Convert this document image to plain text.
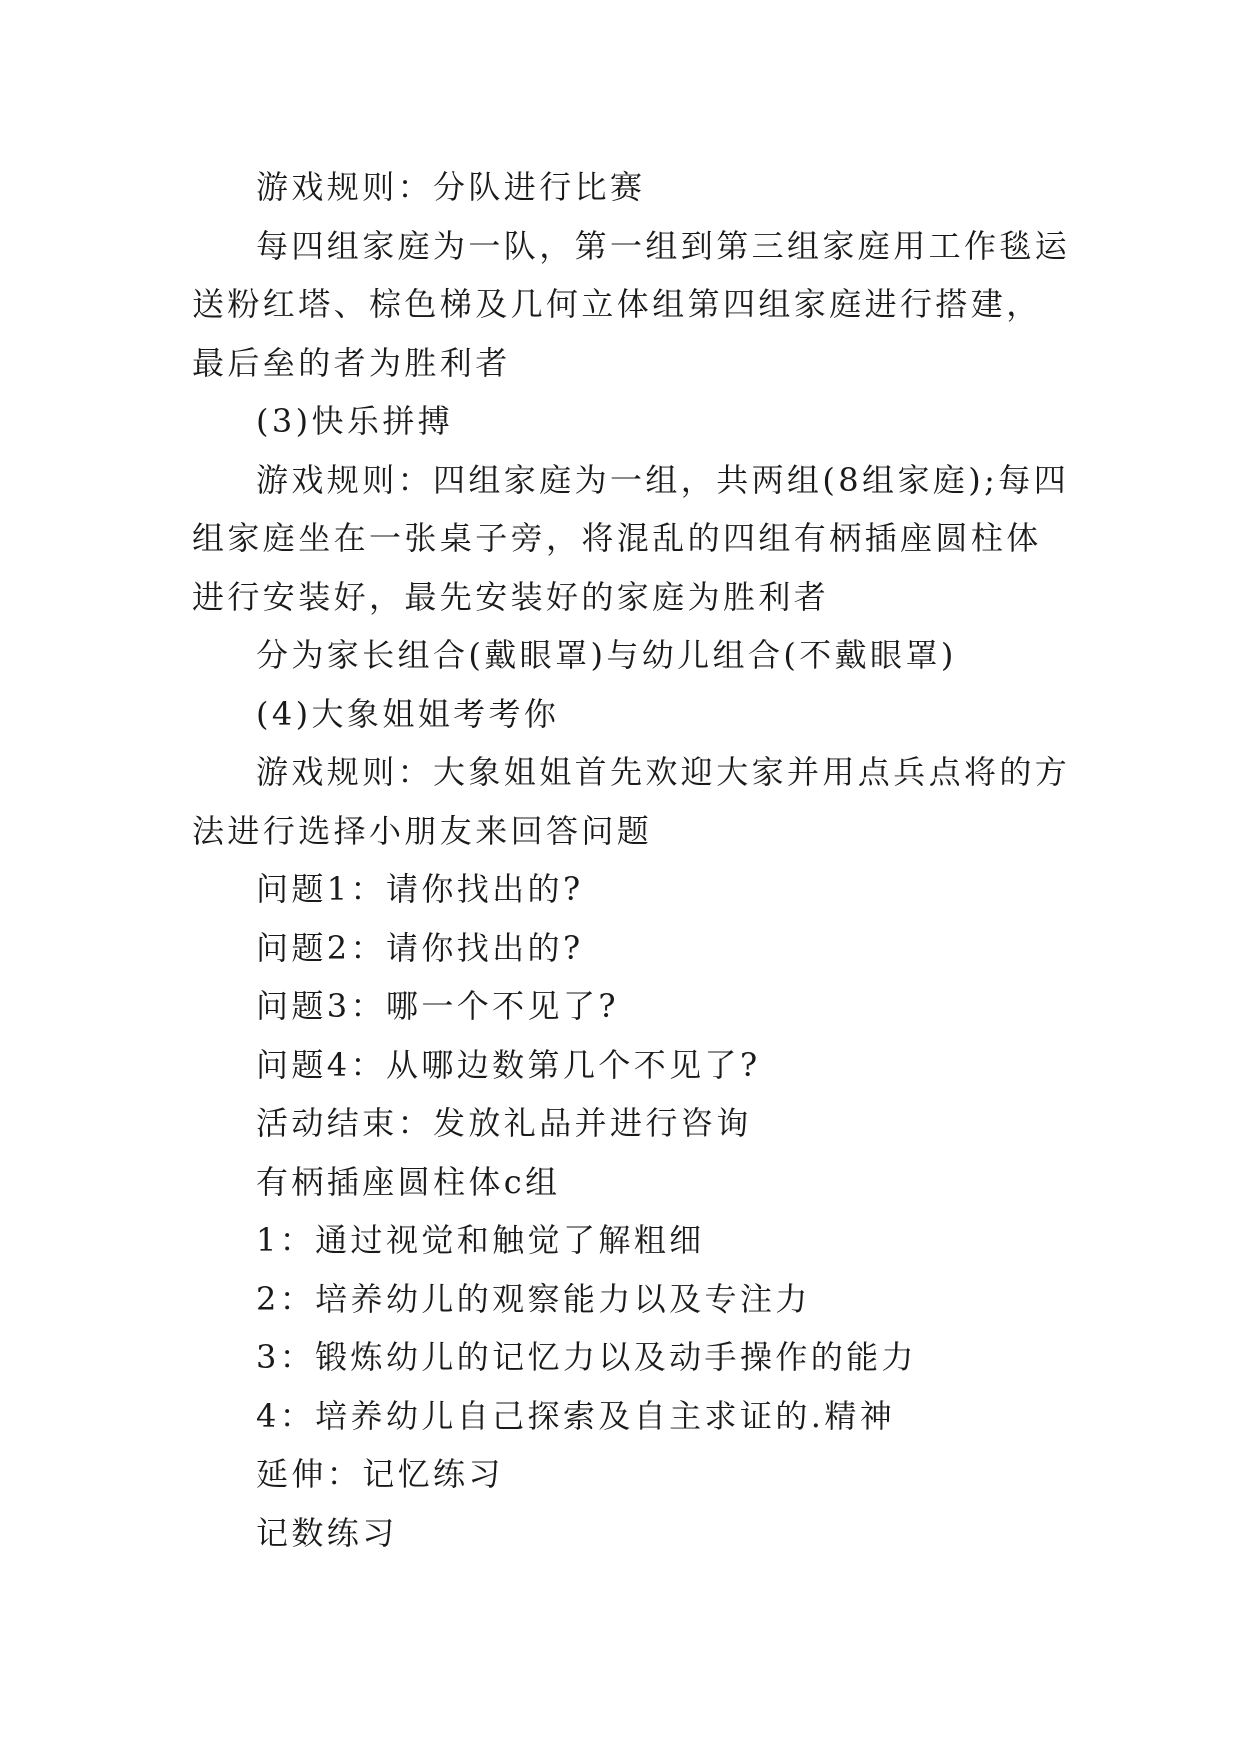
游戏规则：分队进行比赛

每四组家庭为一队，第一组到第三组家庭用工作毯运送粉红塔、棕色梯及几何立体组第四组家庭进行搭建，最后垒的者为胜利者

(3)快乐拼搏

游戏规则：四组家庭为一组，共两组(8组家庭);每四组家庭坐在一张桌子旁，将混乱的四组有柄插座圆柱体进行安装好，最先安装好的家庭为胜利者

分为家长组合(戴眼罩)与幼儿组合(不戴眼罩)

(4)大象姐姐考考你

游戏规则：大象姐姐首先欢迎大家并用点兵点将的方法进行选择小朋友来回答问题

问题1：请你找出的?

问题2：请你找出的?

问题3：哪一个不见了?

问题4：从哪边数第几个不见了?

活动结束：发放礼品并进行咨询

有柄插座圆柱体c组

1：通过视觉和触觉了解粗细

2：培养幼儿的观察能力以及专注力

3：锻炼幼儿的记忆力以及动手操作的能力

4：培养幼儿自己探索及自主求证的.精神

延伸：记忆练习

记数练习
